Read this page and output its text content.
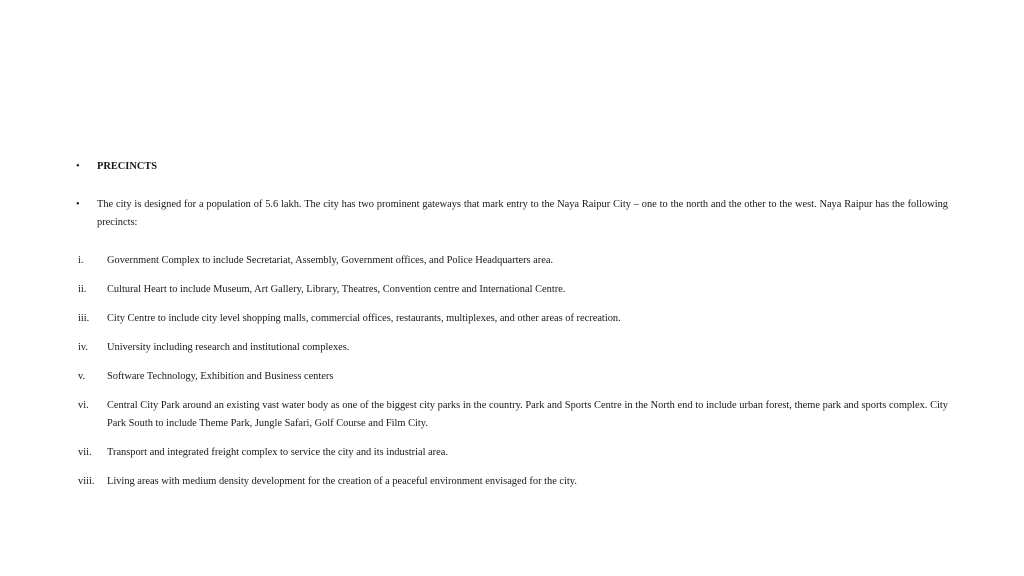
•	PRECINCTS
•	The city is designed for a population of 5.6 lakh. The city has two prominent gateways that mark entry to the Naya Raipur City – one to the north and the other to the west. Naya Raipur has the following precincts:
i.	Government Complex to include Secretariat, Assembly, Government offices, and Police Headquarters area.
ii.	Cultural Heart to include Museum, Art Gallery, Library, Theatres, Convention centre and International Centre.
iii.	City Centre to include city level shopping malls, commercial offices, restaurants, multiplexes, and other areas of recreation.
iv.	University including research and institutional complexes.
v.	Software Technology, Exhibition and Business centers
vi.	Central City Park around an existing vast water body as one of the biggest city parks in the country. Park and Sports Centre in the North end to include urban forest, theme park and sports complex. City Park South to include Theme Park, Jungle Safari, Golf Course and Film City.
vii.	Transport and integrated freight complex to service the city and its industrial area.
viii.	Living areas with medium density development for the creation of a peaceful environment envisaged for the city.
